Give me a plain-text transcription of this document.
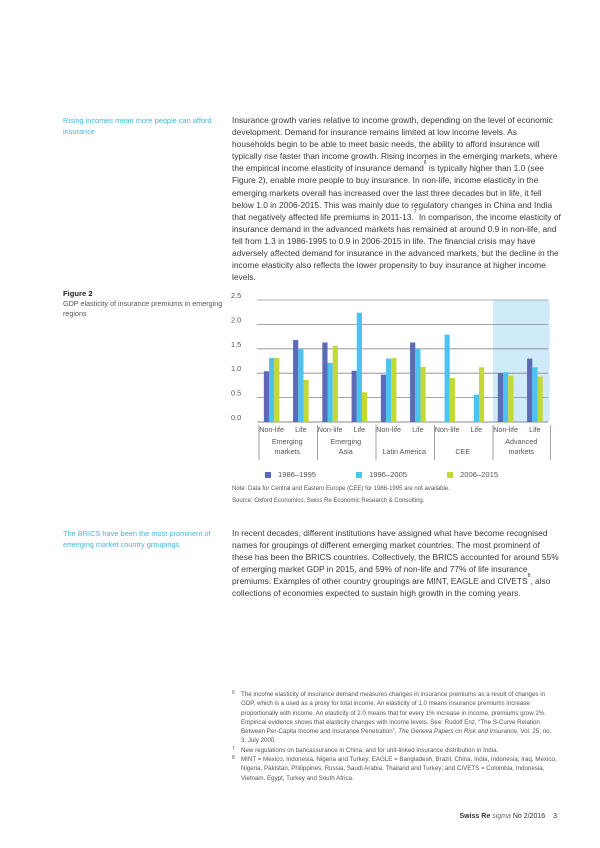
Rising incomes mean more people can afford insurance
Insurance growth varies relative to income growth, depending on the level of economic development. Demand for insurance remains limited at low income levels. As households begin to be able to meet basic needs, the ability to afford insurance will typically rise faster than income growth. Rising incomes in the emerging markets, where the empirical income elasticity of insurance demand$^6$ is typically higher than 1.0 (see Figure 2), enable more people to buy insurance. In non-life, income elasticity in the emerging markets overall has increased over the last three decades but in life, it fell below 1.0 in 2006-2015. This was mainly due to regulatory changes in China and India that negatively affected life premiums in 2011-13.$^7$ In comparison, the income elasticity of insurance demand in the advanced markets has remained at around 0.9 in non-life, and fell from 1.3 in 1986-1995 to 0.9 in 2006-2015 in life. The financial crisis may have adversely affected demand for insurance in the advanced markets, but the decline in the income elasticity also reflects the lower propensity to buy insurance at higher income levels.
Figure 2
GDP elasticity of insurance premiums in emerging regions
0.0
0.5
1.0
1.5
2.0
2.5
Non-life Life Non-life Life Non-life Life Non-life Life Non-life Life
Emerging
markets
Emerging
Asia	Latin America	CEE
Advanced
markets
1986–1995	1996–2005	2006–2015
Note: Data for Central and Eastern Europe (CEE) for 1986-1995 are not available.
Source: Oxford Economics, Swiss Re Economic Research & Consulting.
The BRICS have been the most prominent of emerging market country groupings
In recent decades, different institutions have assigned what have become recognised names for groupings of different emerging market countries. The most prominent of these has been the BRICS countries. Collectively, the BRICS accounted for around 55% of emerging market GDP in 2015, and 59% of non-life and 77% of life insurance premiums. Examples of other country groupings are MINT, EAGLE and CIVETS$^8$, also collections of economies expected to sustain high growth in the coming years.
6 The income elasticity of insurance demand measures changes in insurance premiums as a result of changes in GDP, which is a used as a proxy for total income. An elasticity of 1.0 means insurance premiums increase proportionally with income. An elasticity of 2.0 means that for every 1% increase in income, premiums grow 2%. Empirical evidence shows that elasticity changes with income levels. See: Rudolf Enz, “The S-Curve Relation Between Per-Capita Income and Insurance Penetration”, The Geneva Papers on Risk and Insurance, Vol. 25, no. 3, July 2000.
7 New regulations on bancassurance in China, and for unit-linked insurance distribution in India.
8 MINT = Mexico, Indonesia, Nigeria and Turkey; EAGLE = Bangladesh, Brazil, China, India, Indonesia, Iraq, Mexico, Nigeria, Pakistan, Philippines, Russia, Saudi Arabia, Thailand and Turkey; and CIVETS = Colombia, Indonesia, Vietnam, Egypt, Turkey and South Africa.
Swiss Re sigma No 2/2016 3
